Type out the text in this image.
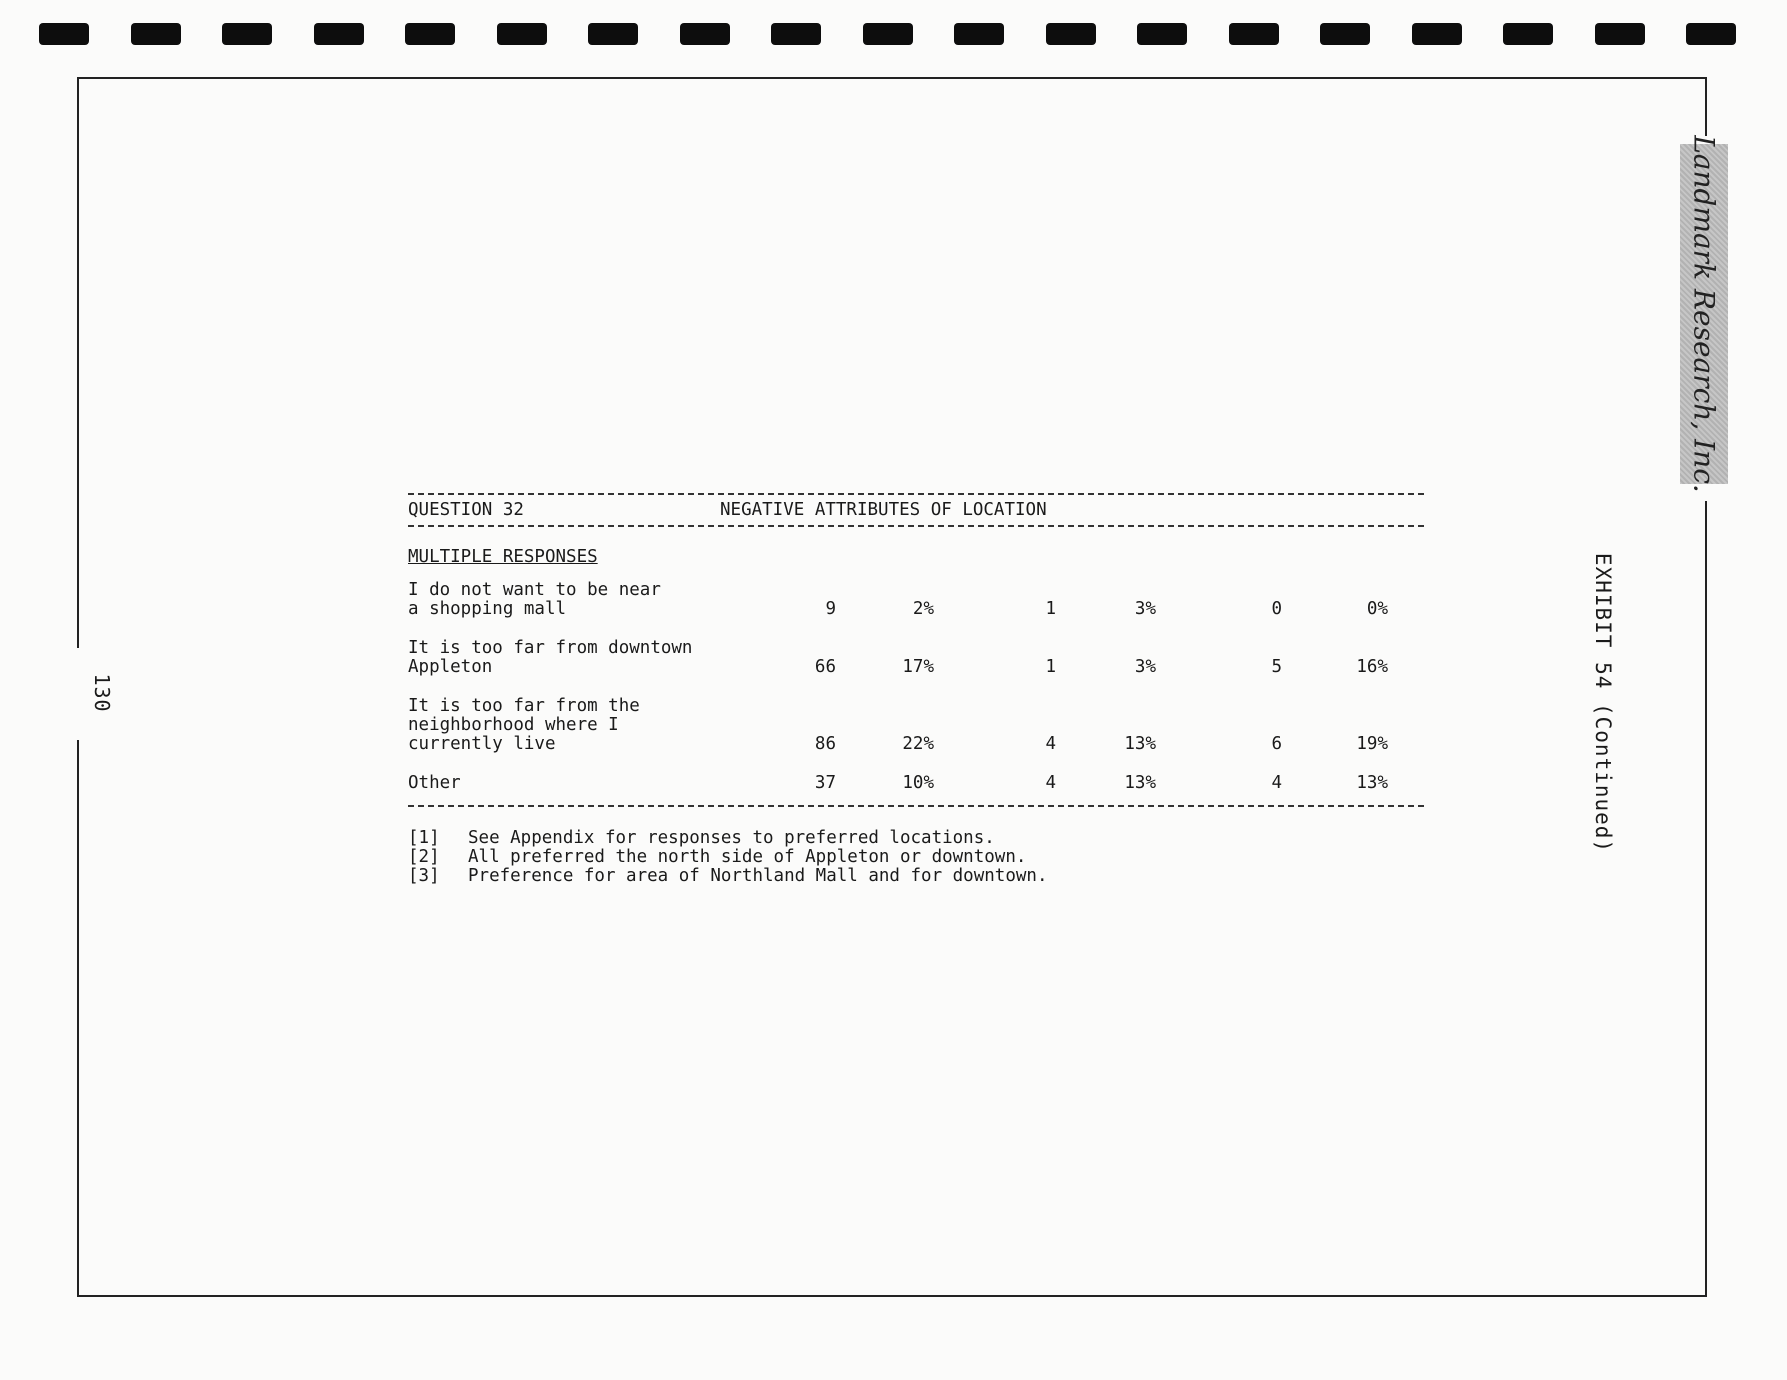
130
Landmark Research, Inc.
EXHIBIT 54 (Continued)
QUESTION 32	NEGATIVE ATTRIBUTES OF LOCATION
MULTIPLE RESPONSES
I do not want to be near
a shopping mall	9	2%	1	3%	0	0%
It is too far from downtown
Appleton	66	17%	1	3%	5	16%
It is too far from the
neighborhood where I
currently live	86	22%	4	13%	6	19%
Other	37	10%	4	13%	4	13%
[1]	See Appendix for responses to preferred locations.
[2]	All preferred the north side of Appleton or downtown.
[3]	Preference for area of Northland Mall and for downtown.
